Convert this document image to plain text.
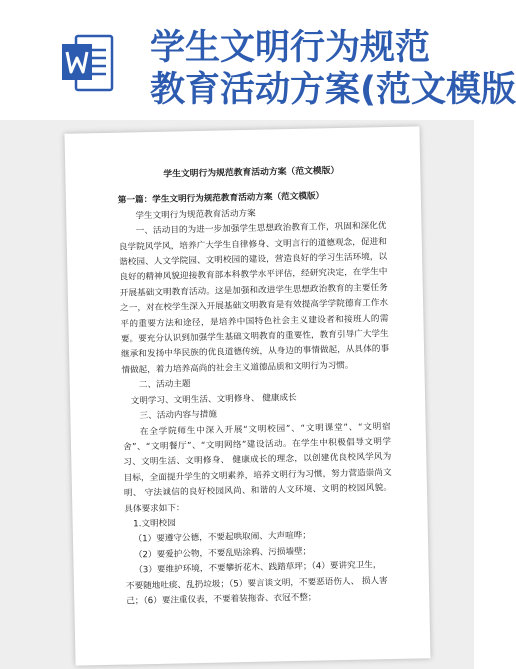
学生文明行为规范
教育活动方案(范文模版
学生文明行为规范教育活动方案（范文模版）

第一篇：学生文明行为规范教育活动方案（范文模版）

学生文明行为规范教育活动方案

一、活动目的为进一步加强学生思想政治教育工作，巩固和深化优良学院风学风，培养广大学生自律修身、文明言行的道德观念，促进和谐校园、人文学院园、文明校园的建设，营造良好的学习生活环境，以良好的精神风貌迎接教育部本科教学水平评估，经研究决定，在学生中开展基础文明教育活动。这是加强和改进学生思想政治教育的主要任务之一，对在校学生深入开展基础文明教育是有效提高学学院德育工作水平的重要方法和途径，是培养中国特色社会主义建设者和接班人的需要。要充分认识到加强学生基础文明教育的重要性，教育引导广大学生继承和发扬中华民族的优良道德传统，从身边的事情做起，从具体的事情做起，着力培养高尚的社会主义道德品质和文明行为习惯。

二、活动主题

文明学习、文明生活、文明修身、 健康成长

三、活动内容与措施

在全学院师生中深入开展“文明校园”、“文明课堂”、“文明宿舍”、“文明餐厅”、“文明网络”建设活动。在学生中积极倡导文明学习、文明生活、文明修身、 健康成长的理念，以创建优良校风学风为目标，全面提升学生的文明素养，培养文明行为习惯，努力营造崇尚文明、 守法诚信的良好校园风尚、和谐的人文环境、文明的校园风貌。 具体要求如下：

1.文明校园

（1）要遵守公德，不要起哄取闹、大声喧哗；

（2）要爱护公物，不要乱贴涂鸦、污损墙壁；

（3）要维护环境，不要攀折花木、践踏草坪；（4）要讲究卫生，

不要随地吐痰、乱扔垃圾；（5）要言谈文明，不要恶语伤人、 损人害

己；（6）要注重仪表，不要着装拖沓、衣冠不整；
